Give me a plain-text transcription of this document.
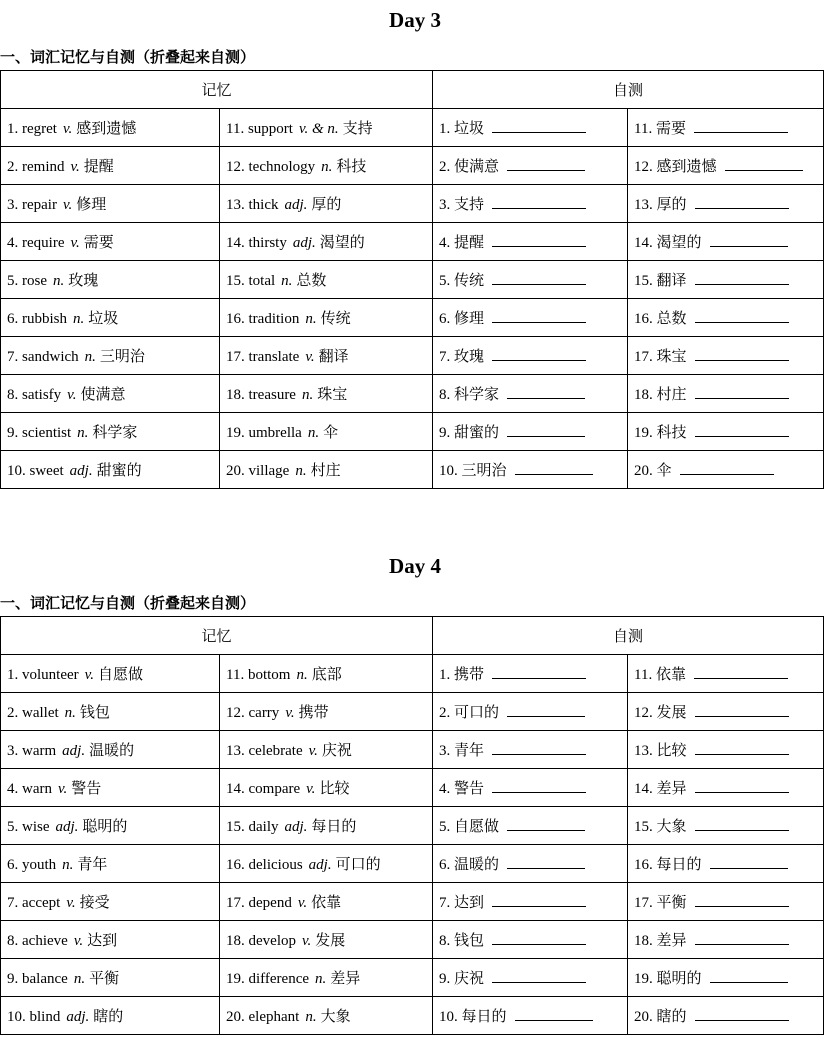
Day 3
一、词汇记忆与自测（折叠起来自测）
记忆		自测	
1. regret v. 感到遗憾	11. support v. & n. 支持	1. 垃圾	11. 需要
2. remind v. 提醒	12. technology n. 科技	2. 使满意	12. 感到遗憾
3. repair v. 修理	13. thick adj. 厚的	3. 支持	13. 厚的
4. require v. 需要	14. thirsty adj. 渴望的	4. 提醒	14. 渴望的
5. rose n. 玫瑰	15. total n. 总数	5. 传统	15. 翻译
6. rubbish n. 垃圾	16. tradition n. 传统	6. 修理	16. 总数
7. sandwich n. 三明治	17. translate v. 翻译	7. 玫瑰	17. 珠宝
8. satisfy v. 使满意	18. treasure n. 珠宝	8. 科学家	18. 村庄
9. scientist n. 科学家	19. umbrella n. 伞	9. 甜蜜的	19. 科技
10. sweet adj. 甜蜜的	20. village n. 村庄	10. 三明治	20. 伞
Day 4
一、词汇记忆与自测（折叠起来自测）
记忆		自测	
1. volunteer v. 自愿做	11. bottom n. 底部	1. 携带	11. 依靠
2. wallet n. 钱包	12. carry v. 携带	2. 可口的	12. 发展
3. warm adj. 温暖的	13. celebrate v. 庆祝	3. 青年	13. 比较
4. warn v. 警告	14. compare v. 比较	4. 警告	14. 差异
5. wise adj. 聪明的	15. daily adj. 每日的	5. 自愿做	15. 大象
6. youth n. 青年	16. delicious adj. 可口的	6. 温暖的	16. 每日的
7. accept v. 接受	17. depend v. 依靠	7. 达到	17. 平衡
8. achieve v. 达到	18. develop v. 发展	8. 钱包	18. 差异
9. balance n. 平衡	19. difference n. 差异	9. 庆祝	19. 聪明的
10. blind adj. 瞎的	20. elephant n. 大象	10. 每日的	20. 瞎的
